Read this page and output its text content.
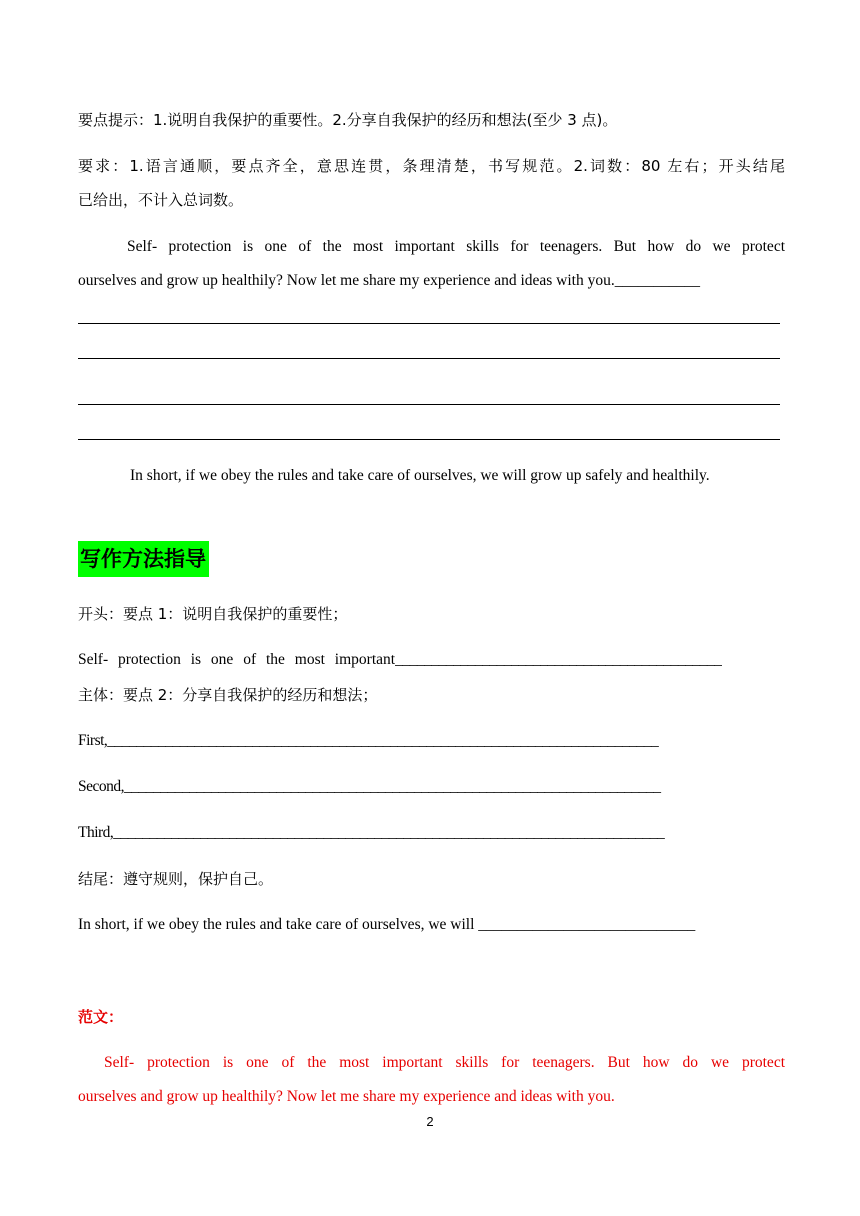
要点提示：1.说明自我保护的重要性。2.分享自我保护的经历和想法(至少 3 点)。
要求：1.语言通顺，要点齐全，意思连贯，条理清楚，书写规范。2.词数：80 左右；开头结尾
已给出，不计入总词数。
Self- protection is one of the most important skills for teenagers. But how do we protect
ourselves and grow up healthily? Now let me share my experience and ideas with you.___________
In short, if we obey the rules and take care of ourselves, we will grow up safely and healthily.
写作方法指导
开头：要点 1：说明自我保护的重要性；
Self- protection is one of the most important_____________________________________________
主体：要点 2：分享自我保护的经历和想法；
First,____________________________________________________________________________
Second,__________________________________________________________________________
Third,____________________________________________________________________________
结尾：遵守规则，保护自己。
In short, if we obey the rules and take care of ourselves, we will ____________________________
范文：
Self- protection is one of the most important skills for teenagers. But how do we protect
ourselves and grow up healthily? Now let me share my experience and ideas with you.
2
